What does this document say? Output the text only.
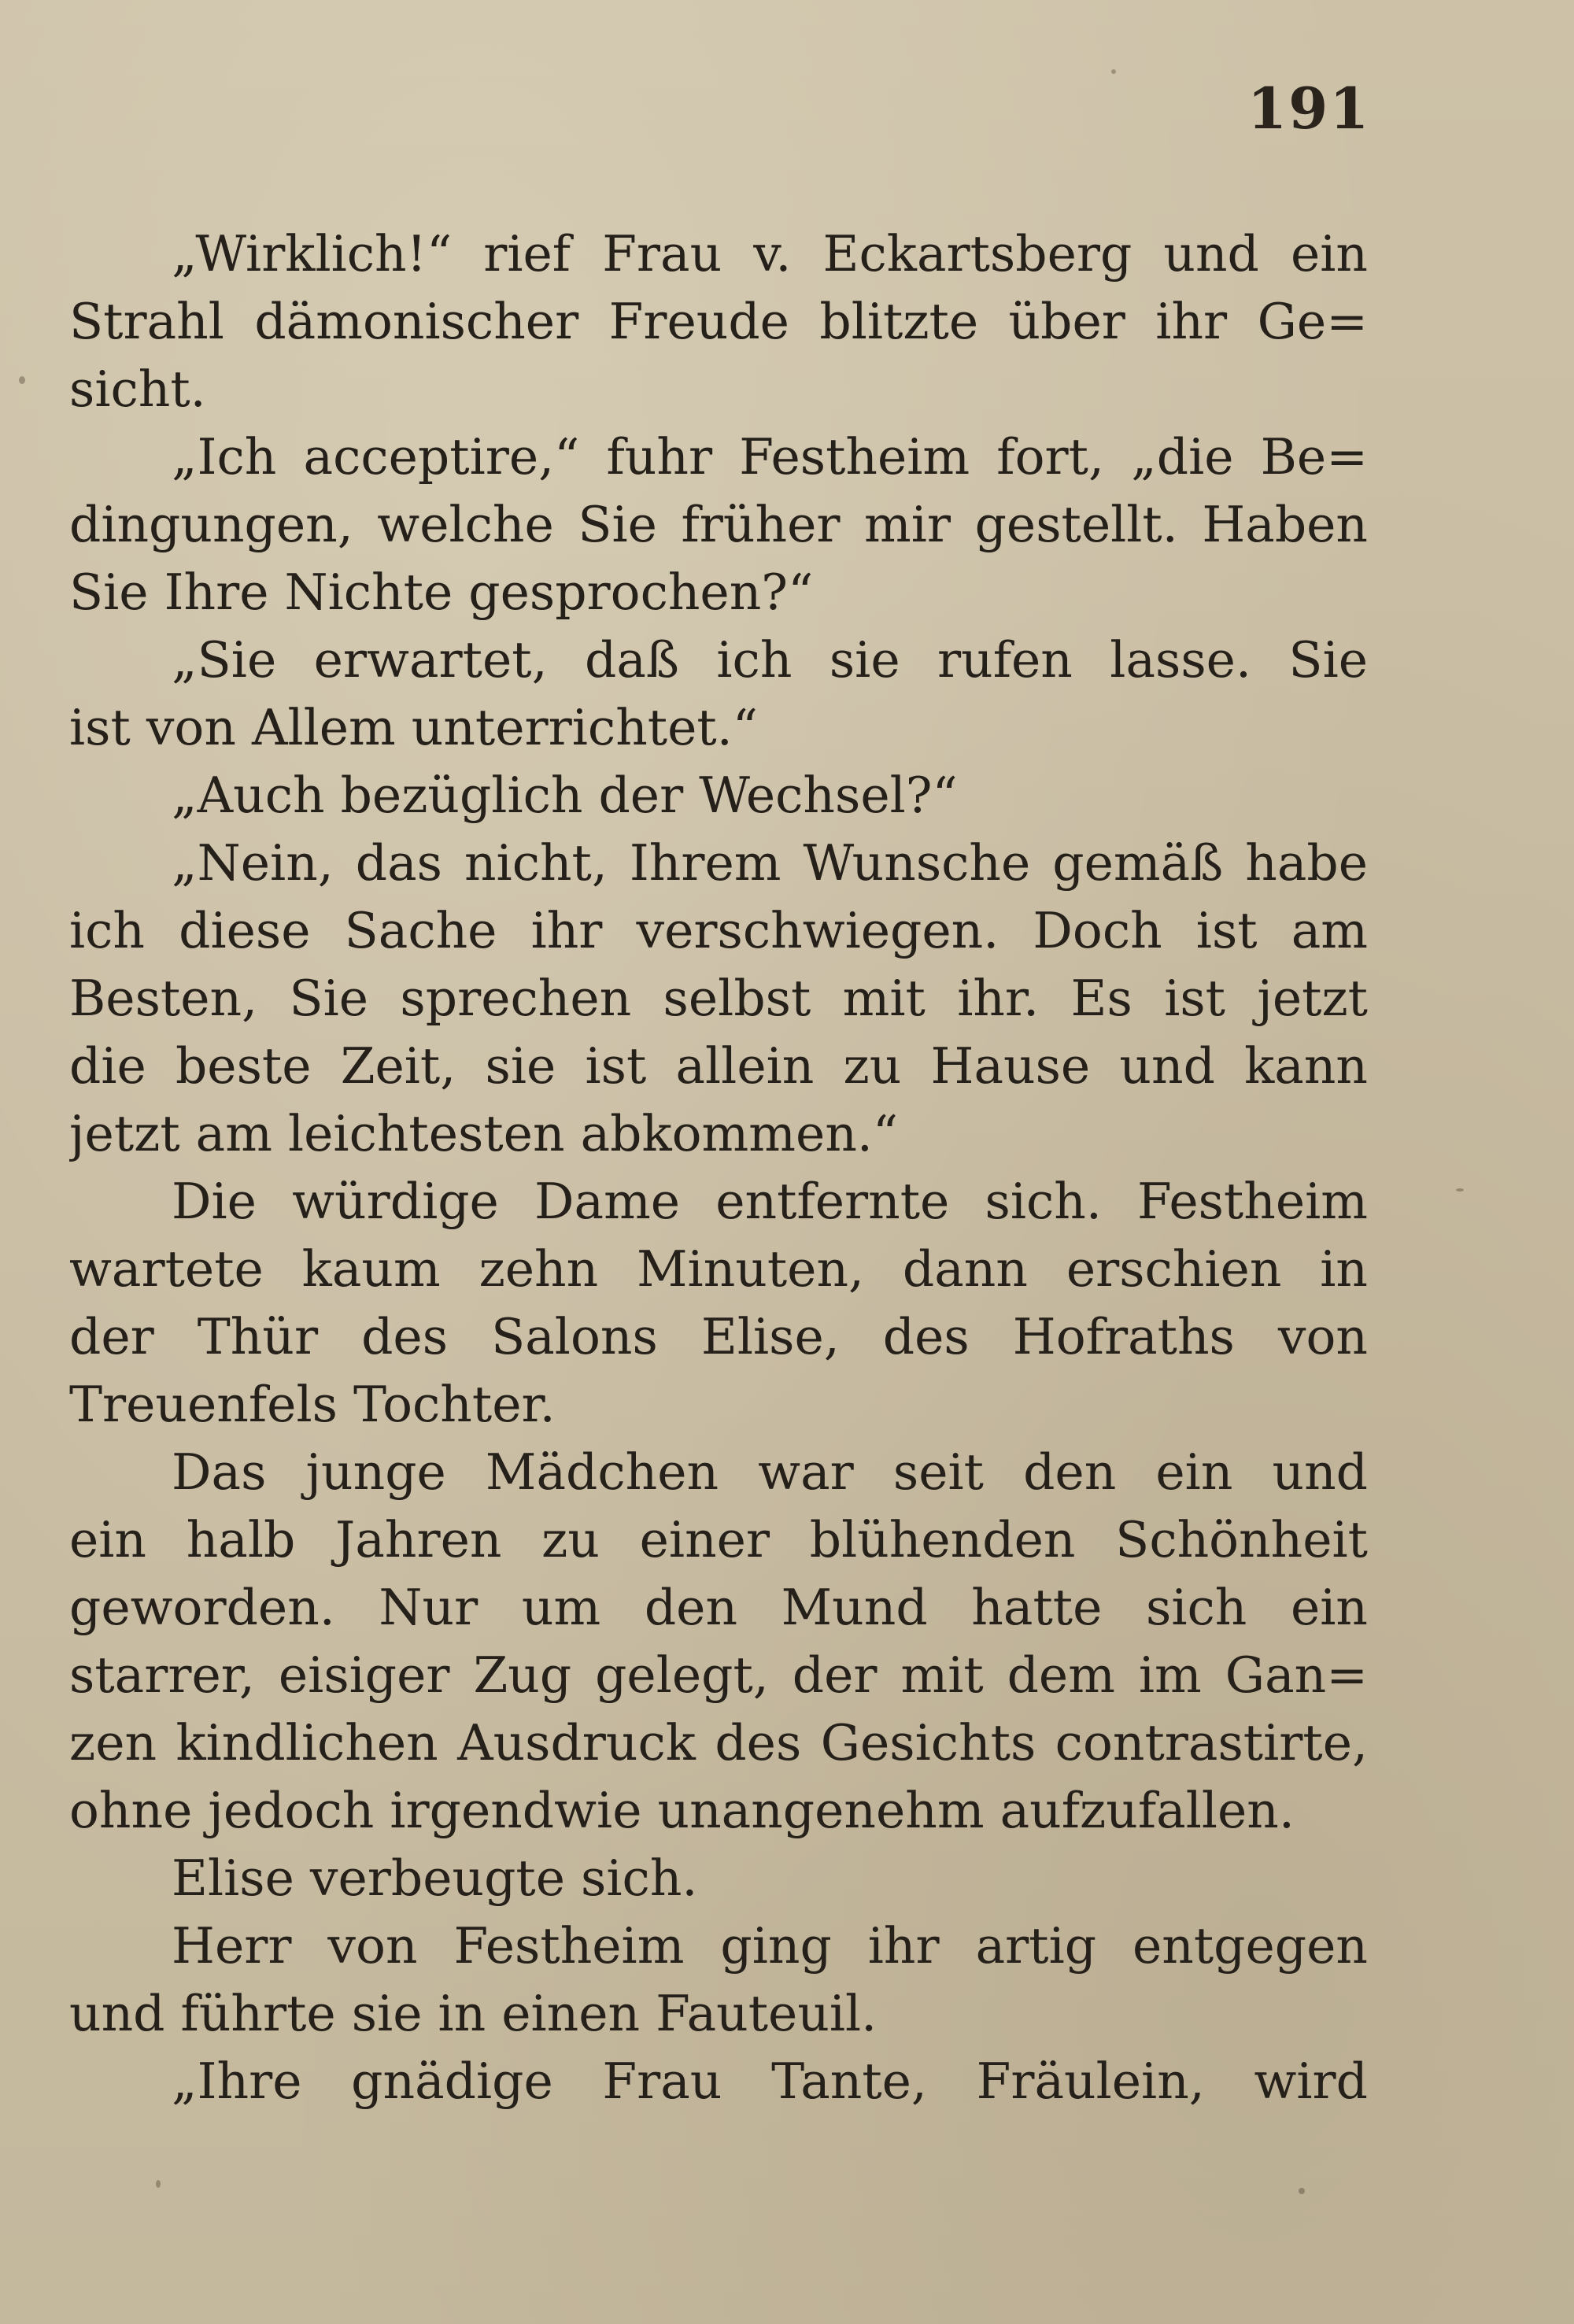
191
„Wirklich!“ rief Frau v. Eckartsberg und ein
Strahl dämonischer Freude blitzte über ihr Ge=
sicht.
„Ich acceptire,“ fuhr Festheim fort, „die Be=
dingungen, welche Sie früher mir gestellt. Haben
Sie Ihre Nichte gesprochen?“
„Sie erwartet, daß ich sie rufen lasse. Sie
ist von Allem unterrichtet.“
„Auch bezüglich der Wechsel?“
„Nein, das nicht, Ihrem Wunsche gemäß habe
ich diese Sache ihr verschwiegen. Doch ist am
Besten, Sie sprechen selbst mit ihr. Es ist jetzt
die beste Zeit, sie ist allein zu Hause und kann
jetzt am leichtesten abkommen.“
Die würdige Dame entfernte sich. Festheim
wartete kaum zehn Minuten, dann erschien in
der Thür des Salons Elise, des Hofraths von
Treuenfels Tochter.
Das junge Mädchen war seit den ein und
ein halb Jahren zu einer blühenden Schönheit
geworden. Nur um den Mund hatte sich ein
starrer, eisiger Zug gelegt, der mit dem im Gan=
zen kindlichen Ausdruck des Gesichts contrastirte,
ohne jedoch irgendwie unangenehm aufzufallen.
Elise verbeugte sich.
Herr von Festheim ging ihr artig entgegen
und führte sie in einen Fauteuil.
„Ihre gnädige Frau Tante, Fräulein, wird
